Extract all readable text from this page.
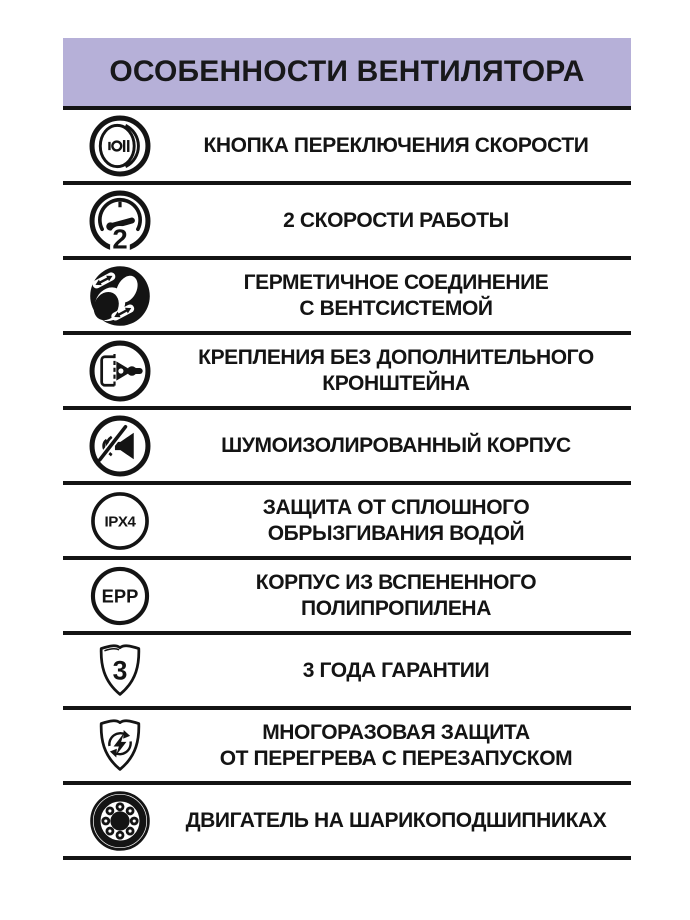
ОСОБЕННОСТИ ВЕНТИЛЯТОРА
КНОПКА ПЕРЕКЛЮЧЕНИЯ СКОРОСТИ
2
2 СКОРОСТИ РАБОТЫ
ГЕРМЕТИЧНОЕ СОЕДИНЕНИЕ
С ВЕНТСИСТЕМОЙ
КРЕПЛЕНИЯ БЕЗ ДОПОЛНИТЕЛЬНОГО
КРОНШТЕЙНА
ШУМОИЗОЛИРОВАННЫЙ КОРПУС
IPX4
ЗАЩИТА ОТ СПЛОШНОГО
ОБРЫЗГИВАНИЯ ВОДОЙ
EPP
КОРПУС ИЗ ВСПЕНЕННОГО
ПОЛИПРОПИЛЕНА
3	3 ГОДА ГАРАНТИИ
МНОГОРАЗОВАЯ ЗАЩИТА
ОТ ПЕРЕГРЕВА С ПЕРЕЗАПУСКОМ
ДВИГАТЕЛЬ НА ШАРИКОПОДШИПНИКАХ
